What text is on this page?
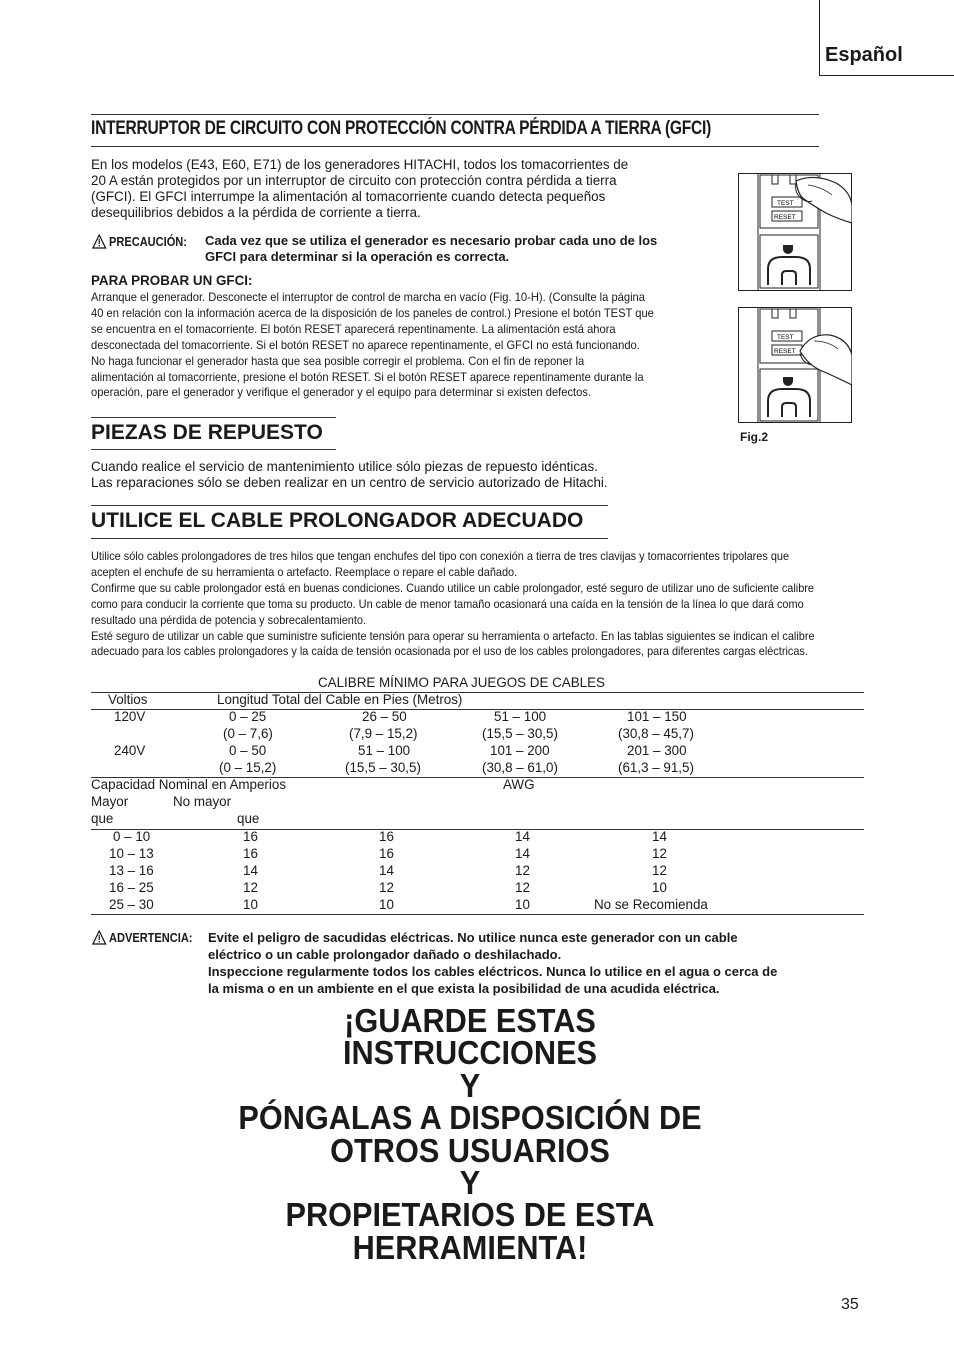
Español
INTERRUPTOR DE CIRCUITO CON PROTECCIÓN CONTRA PÉRDIDA A TIERRA (GFCI)
En los modelos (E43, E60, E71) de los generadores HITACHI, todos los tomacorrientes de
20 A están protegidos por un interruptor de circuito con protección contra pérdida a tierra
(GFCI). El GFCI interrumpe la alimentación al tomacorriente cuando detecta pequeños
desequilibrios debidos a la pérdida de corriente a tierra.
PRECAUCIÓN: Cada vez que se utiliza el generador es necesario probar cada uno de los
GFCI para determinar si la operación es correcta.
PARA PROBAR UN GFCI:
Arranque el generador. Desconecte el interruptor de control de marcha en vacío (Fig. 10-H). (Consulte la página
40 en relación con la información acerca de la disposición de los paneles de control.) Presione el botón TEST que
se encuentra en el tomacorriente. El botón RESET aparecerá repentinamente. La alimentación está ahora
desconectada del tomacorriente. Si el botón RESET no aparece repentinamente, el GFCI no está funcionando.
No haga funcionar el generador hasta que sea posible corregir el problema. Con el fin de reponer la
alimentación al tomacorriente, presione el botón RESET. Si el botón RESET aparece repentinamente durante la
operación, pare el generador y verifique el generador y el equipo para determinar si existen defectos.
TEST
RESET
TEST
RESET
Fig.2
PIEZAS DE REPUESTO
Cuando realice el servicio de mantenimiento utilice sólo piezas de repuesto idénticas.
Las reparaciones sólo se deben realizar en un centro de servicio autorizado de Hitachi.
UTILICE EL CABLE PROLONGADOR ADECUADO
Utilice sólo cables prolongadores de tres hilos que tengan enchufes del tipo con conexión a tierra de tres clavijas y tomacorrientes tripolares que
acepten el enchufe de su herramienta o artefacto. Reemplace o repare el cable dañado.
Confirme que su cable prolongador está en buenas condiciones. Cuando utilice un cable prolongador, esté seguro de utilizar uno de suficiente calibre
como para conducir la corriente que toma su producto. Un cable de menor tamaño ocasionará una caída en la tensión de la línea lo que dará como
resultado una pérdida de potencia y sobrecalentamiento.
Esté seguro de utilizar un cable que suministre suficiente tensión para operar su herramienta o artefacto. En las tablas siguientes se indican el calibre
adecuado para los cables prolongadores y la caída de tensión ocasionada por el uso de los cables prolongadores, para diferentes cargas eléctricas.
CALIBRE MÍNIMO PARA JUEGOS DE CABLES
Voltios	Longitud Total del Cable en Pies (Metros)
120V	0 – 25	26 – 50	51 – 100	101 – 150
(0 – 7,6)	(7,9 – 15,2)	(15,5 – 30,5)	(30,8 – 45,7)
240V	0 – 50	51 – 100	101 – 200	201 – 300
(0 – 15,2)	(15,5 – 30,5)	(30,8 – 61,0)	(61,3 – 91,5)
Capacidad Nominal en Amperios	AWG
Mayor	No mayor
que	que
0 – 10	16	16	14	14
10 – 13	16	16	14	12
13 – 16	14	14	12	12
16 – 25	12	12	12	10
25 – 30	10	10	10	No se Recomienda
ADVERTENCIA: Evite el peligro de sacudidas eléctricas. No utilice nunca este generador con un cable
eléctrico o un cable prolongador dañado o deshilachado.
Inspeccione regularmente todos los cables eléctricos. Nunca lo utilice en el agua o cerca de
la misma o en un ambiente en el que exista la posibilidad de una acudida eléctrica.
¡GUARDE ESTAS
INSTRUCCIONES
Y
PÓNGALAS A DISPOSICIÓN DE
OTROS USUARIOS
Y
PROPIETARIOS DE ESTA
HERRAMIENTA!
35
